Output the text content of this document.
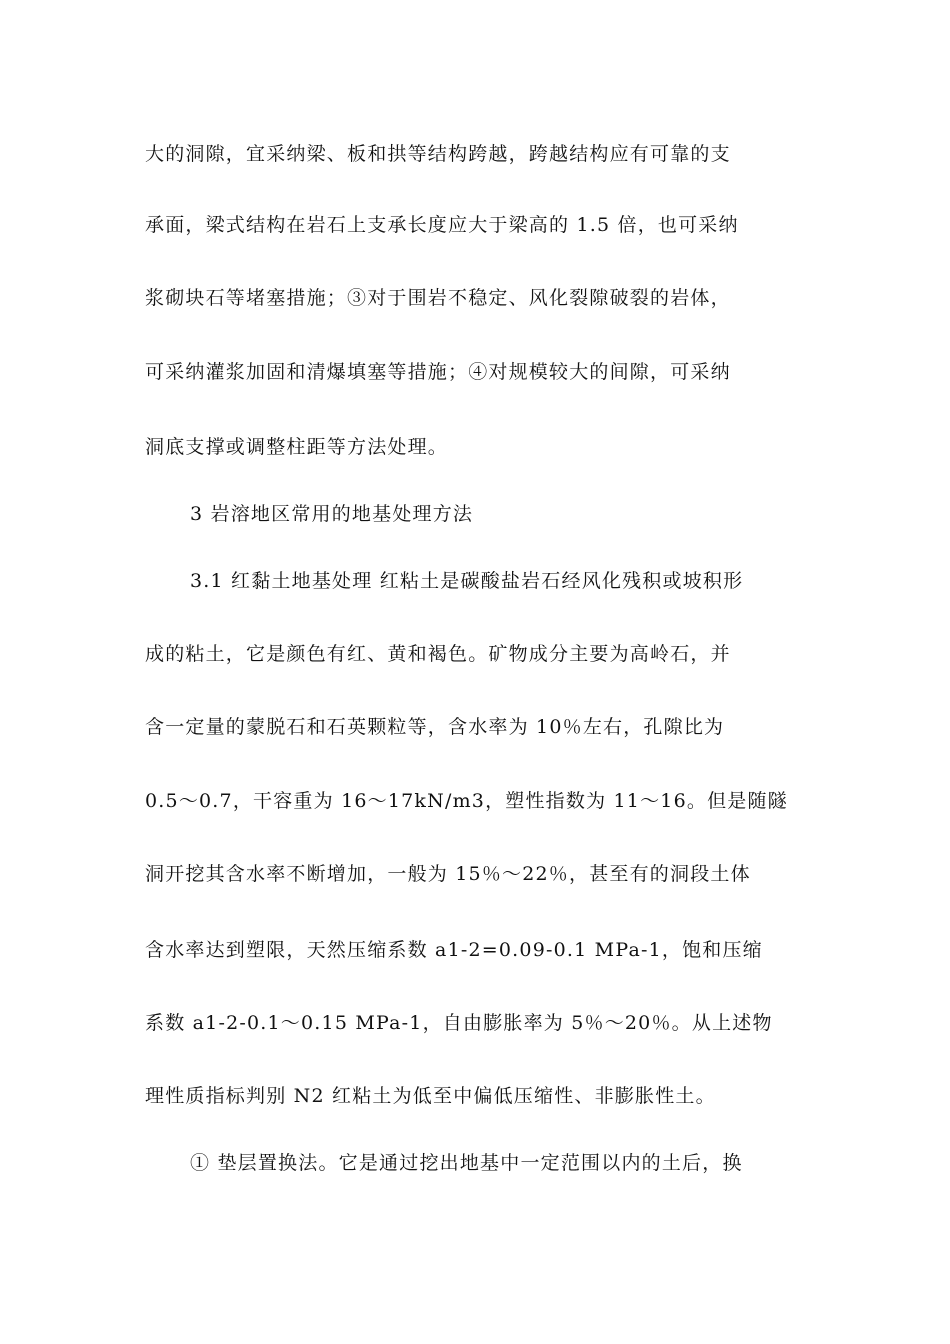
大的洞隙，宜采纳梁、板和拱等结构跨越，跨越结构应有可靠的支
承面，梁式结构在岩石上支承长度应大于梁高的 1.5 倍，也可采纳
浆砌块石等堵塞措施；③对于围岩不稳定、风化裂隙破裂的岩体，
可采纳灌浆加固和清爆填塞等措施；④对规模较大的间隙，可采纳
洞底支撑或调整柱距等方法处理。
3 岩溶地区常用的地基处理方法
3.1 红黏土地基处理 红粘土是碳酸盐岩石经风化残积或坡积形
成的粘土，它是颜色有红、黄和褐色。矿物成分主要为高岭石，并
含一定量的蒙脱石和石英颗粒等，含水率为 10％左右，孔隙比为
0.5～0.7，干容重为 16～17kN/m3，塑性指数为 11～16。但是随隧
洞开挖其含水率不断增加，一般为 15％～22％，甚至有的洞段土体
含水率达到塑限，天然压缩系数 a1-2=0.09-0.1 MPa-1，饱和压缩
系数 a1-2-0.1～0.15 MPa-1，自由膨胀率为 5％～20％。从上述物
理性质指标判别 N2 红粘土为低至中偏低压缩性、非膨胀性土。
① 垫层置换法。它是通过挖出地基中一定范围以内的土后，换
